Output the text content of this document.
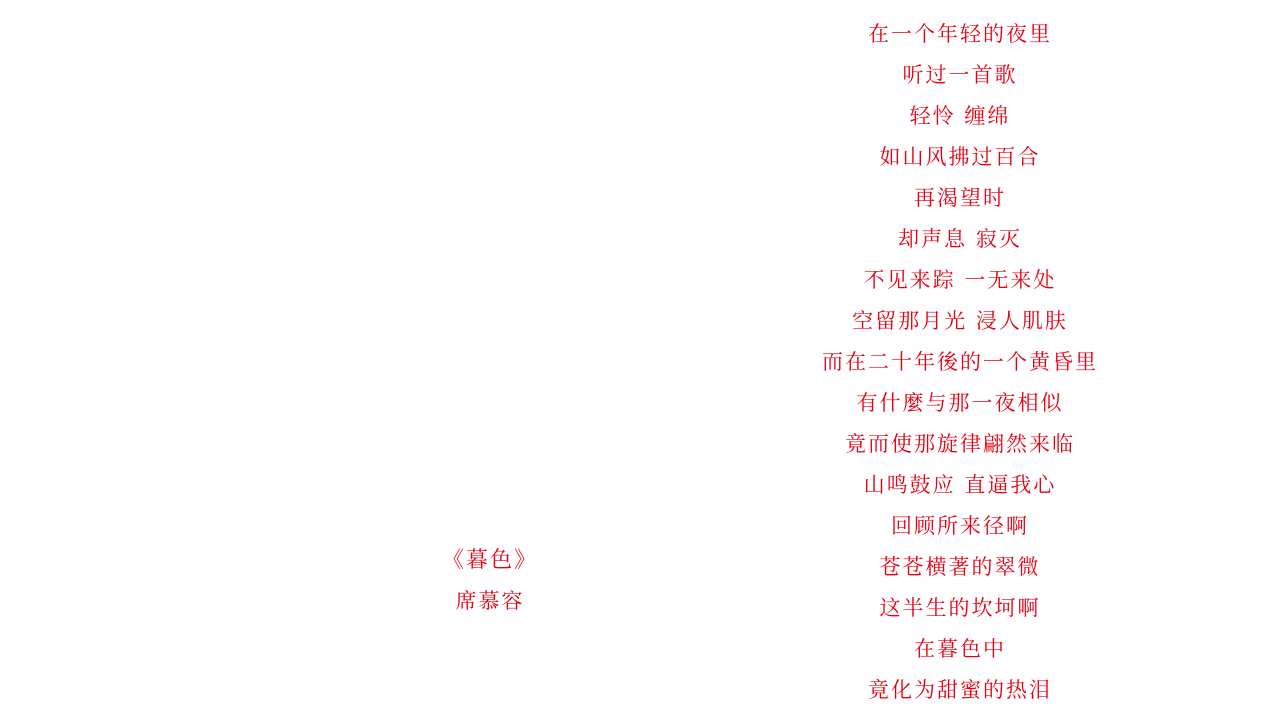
《暮色》
席慕容
在一个年轻的夜里
听过一首歌
轻怜 缠绵
如山风拂过百合
再渴望时
却声息 寂灭
不见来踪 一无来处
空留那月光 浸人肌肤
而在二十年後的一个黄昏里
有什麼与那一夜相似
竟而使那旋律翩然来临
山鸣鼓应 直逼我心
回顾所来径啊
苍苍横著的翠微
这半生的坎坷啊
在暮色中
竟化为甜蜜的热泪
